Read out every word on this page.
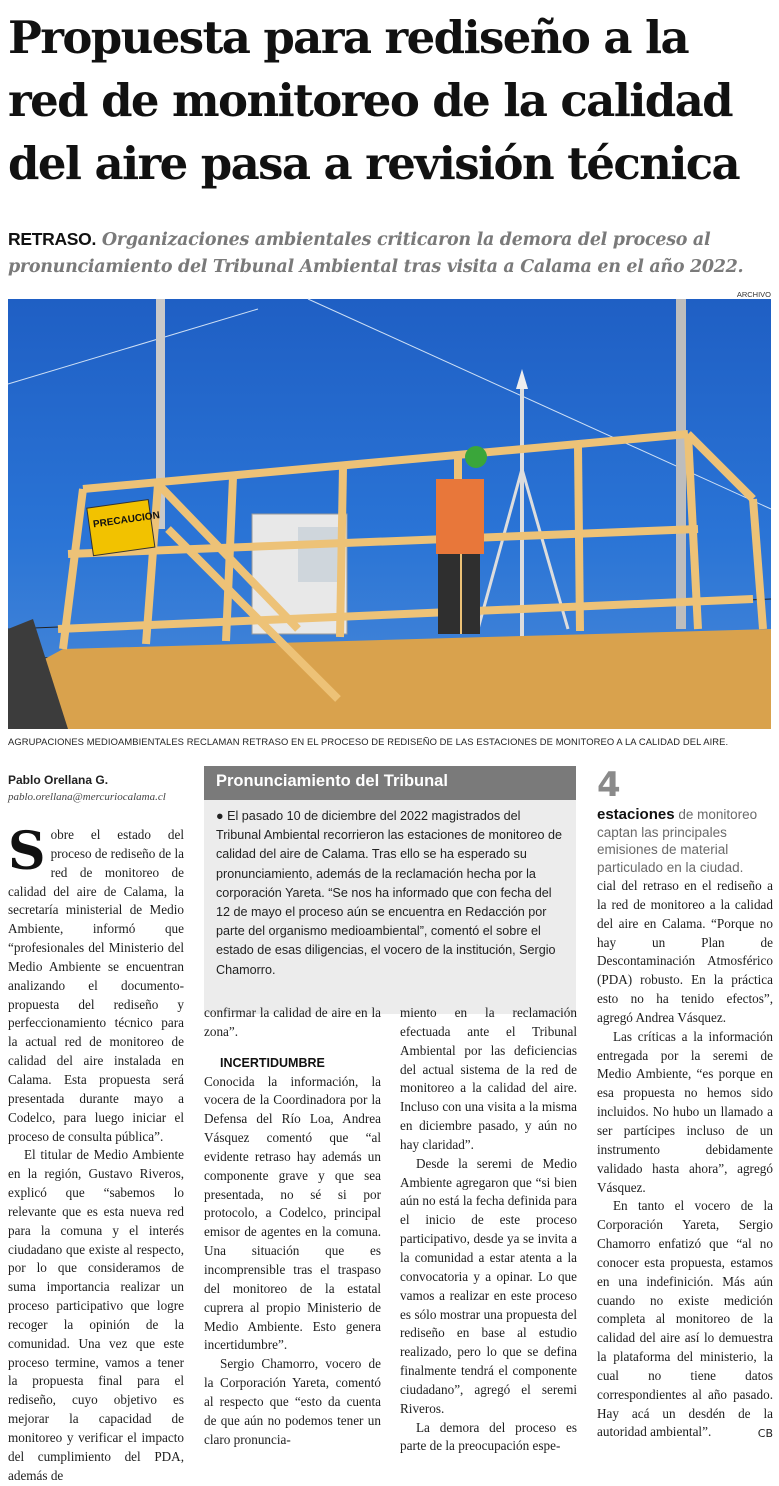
Propuesta para rediseño a la red de monitoreo de la calidad del aire pasa a revisión técnica
RETRASO. Organizaciones ambientales criticaron la demora del proceso al pronunciamiento del Tribunal Ambiental tras visita a Calama en el año 2022.
ARCHIVO
PRECAUCION
AGRUPACIONES MEDIOAMBIENTALES RECLAMAN RETRASO EN EL PROCESO DE REDISEÑO DE LAS ESTACIONES DE MONITOREO A LA CALIDAD DEL AIRE.
Pablo Orellana G.
pablo.orellana@mercuriocalama.cl

Sobre el estado del proceso de rediseño de la red de monitoreo de calidad del aire de Calama, la secretaría ministerial de Medio Ambiente, informó que “profesionales del Ministerio del Medio Ambiente se encuentran analizando el documento-propuesta del rediseño y perfeccionamiento técnico para la actual red de monitoreo de calidad del aire instalada en Calama. Esta propuesta será presentada durante mayo a Codelco, para luego iniciar el proceso de consulta pública”.

El titular de Medio Ambiente en la región, Gustavo Riveros, explicó que “sabemos lo relevante que es esta nueva red para la comuna y el interés ciudadano que existe al respecto, por lo que consideramos de suma importancia realizar un proceso participativo que logre recoger la opinión de la comunidad. Una vez que este proceso termine, vamos a tener la propuesta final para el rediseño, cuyo objetivo es mejorar la capacidad de monitoreo y verificar el impacto del cumplimiento del PDA, además de

Pronunciamiento del Tribunal
● El pasado 10 de diciembre del 2022 magistrados del Tribunal Ambiental recorrieron las estaciones de monitoreo de calidad del aire de Calama. Tras ello se ha esperado su pronunciamiento, además de la reclamación hecha por la corporación Yareta. “Se nos ha informado que con fecha del 12 de mayo el proceso aún se encuentra en Redacción por parte del organismo medioambiental”, comentó el sobre el estado de esas diligencias, el vocero de la institución, Sergio Chamorro.
4
estaciones de monitoreo captan las principales emisiones de material particulado en la ciudad.

confirmar la calidad de aire en la zona”.

INCERTIDUMBRE

Conocida la información, la vocera de la Coordinadora por la Defensa del Río Loa, Andrea Vásquez comentó que “al evidente retraso hay además un componente grave y que sea presentada, no sé si por protocolo, a Codelco, principal emisor de agentes en la comuna. Una situación que es incomprensible tras el traspaso del monitoreo de la estatal cuprera al propio Ministerio de Medio Ambiente. Esto genera incertidumbre”.

Sergio Chamorro, vocero de la Corporación Yareta, comentó al respecto que “esto da cuenta de que aún no podemos tener un claro pronuncia-

miento en la reclamación efectuada ante el Tribunal Ambiental por las deficiencias del actual sistema de la red de monitoreo a la calidad del aire. Incluso con una visita a la misma en diciembre pasado, y aún no hay claridad”.

Desde la seremi de Medio Ambiente agregaron que “si bien aún no está la fecha definida para el inicio de este proceso participativo, desde ya se invita a la comunidad a estar atenta a la convocatoria y a opinar. Lo que vamos a realizar en este proceso es sólo mostrar una propuesta del rediseño en base al estudio realizado, pero lo que se defina finalmente tendrá el componente ciudadano”, agregó el seremi Riveros.

La demora del proceso es parte de la preocupación espe-

cial del retraso en el rediseño a la red de monitoreo a la calidad del aire en Calama. “Porque no hay un Plan de Descontaminación Atmosférico (PDA) robusto. En la práctica esto no ha tenido efectos”, agregó Andrea Vásquez.

Las críticas a la información entregada por la seremi de Medio Ambiente, “es porque en esa propuesta no hemos sido incluidos. No hubo un llamado a ser partícipes incluso de un instrumento debidamente validado hasta ahora”, agregó Vásquez.

En tanto el vocero de la Corporación Yareta, Sergio Chamorro enfatizó que “al no conocer esta propuesta, estamos en una indefinición. Más aún cuando no existe medición completa al monitoreo de la calidad del aire así lo demuestra la plataforma del ministerio, la cual no tiene datos correspondientes al año pasado. Hay acá un desdén de la autoridad ambiental”.	CB
